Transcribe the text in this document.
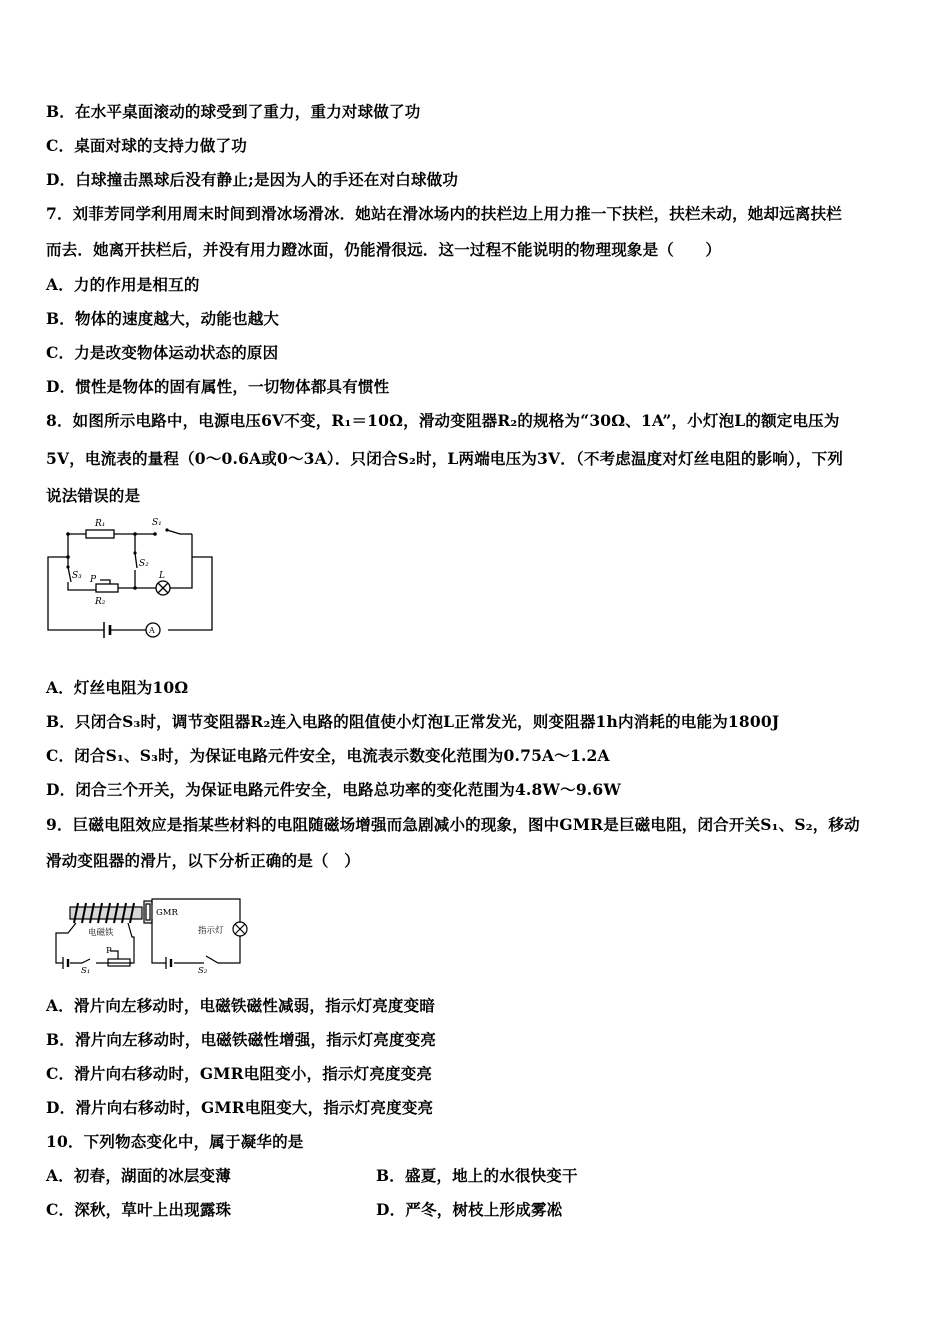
B．在水平桌面滚动的球受到了重力，重力对球做了功
C．桌面对球的支持力做了功
D．白球撞击黑球后没有静止;是因为人的手还在对白球做功
7．刘菲芳同学利用周末时间到滑冰场滑冰．她站在滑冰场内的扶栏边上用力推一下扶栏，扶栏未动，她却远离扶栏
而去．她离开扶栏后，并没有用力蹬冰面，仍能滑很远．这一过程不能说明的物理现象是（　　）
A．力的作用是相互的
B．物体的速度越大，动能也越大
C．力是改变物体运动状态的原因
D．惯性是物体的固有属性，一切物体都具有惯性
8．如图所示电路中，电源电压6V不变，R₁＝10Ω，滑动变阻器R₂的规格为“30Ω、1A”，小灯泡L的额定电压为
5V，电流表的量程（0～0.6A或0～3A）．只闭合S₂时，L两端电压为3V．（不考虑温度对灯丝电阻的影响），下列
说法错误的是
R₁	S₁
S₂
S₃ P
R₂
L
A
A．灯丝电阻为10Ω
B．只闭合S₃时，调节变阻器R₂连入电路的阻值使小灯泡L正常发光，则变阻器1h内消耗的电能为1800J
C．闭合S₁、S₃时，为保证电路元件安全，电流表示数变化范围为0.75A～1.2A
D．闭合三个开关，为保证电路元件安全，电路总功率的变化范围为4.8W～9.6W
9．巨磁电阻效应是指某些材料的电阻随磁场增强而急剧减小的现象，图中GMR是巨磁电阻，闭合开关S₁、S₂，移动
滑动变阻器的滑片，以下分析正确的是（　）
电磁铁
GMR
指示灯
P
S₁	S₂
A．滑片向左移动时，电磁铁磁性减弱，指示灯亮度变暗
B．滑片向左移动时，电磁铁磁性增强，指示灯亮度变亮
C．滑片向右移动时，GMR电阻变小，指示灯亮度变亮
D．滑片向右移动时，GMR电阻变大，指示灯亮度变亮
10．下列物态变化中，属于凝华的是
A．初春，湖面的冰层变薄	B．盛夏，地上的水很快变干
C．深秋，草叶上出现露珠	D．严冬，树枝上形成雾凇
